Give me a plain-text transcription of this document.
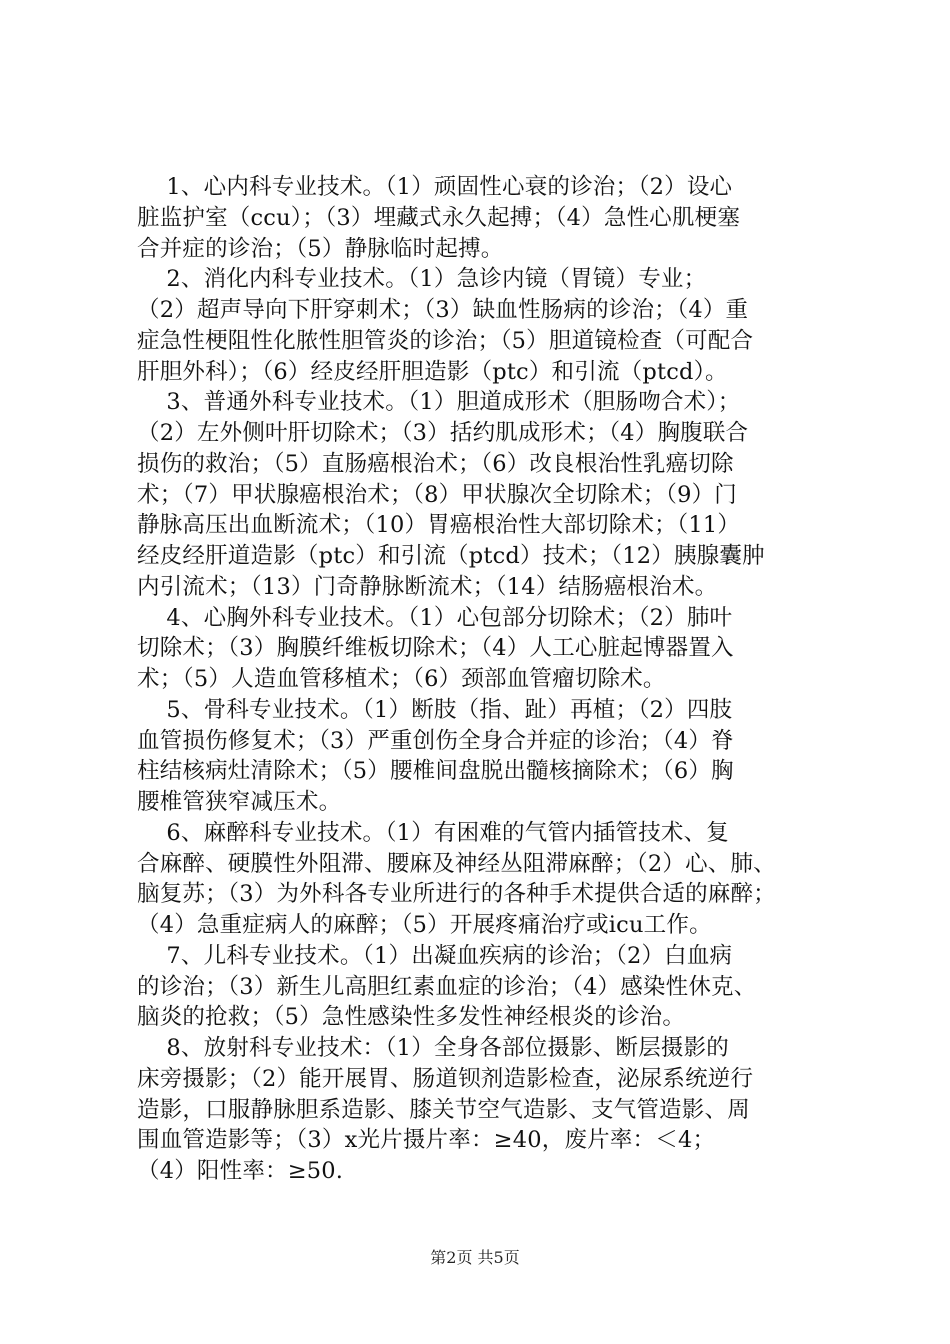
1、心内科专业技术。（1）顽固性心衰的诊治；（2）设心
脏监护室（ccu）；（3）埋藏式永久起搏；（4）急性心肌梗塞
合并症的诊治；（5）静脉临时起搏。
2、消化内科专业技术。（1）急诊内镜（胃镜）专业；
（2）超声导向下肝穿刺术；（3）缺血性肠病的诊治；（4）重
症急性梗阻性化脓性胆管炎的诊治；（5）胆道镜检查（可配合
肝胆外科）；（6）经皮经肝胆造影（ptc）和引流（ptcd）。
3、普通外科专业技术。（1）胆道成形术（胆肠吻合术）；
（2）左外侧叶肝切除术；（3）括约肌成形术；（4）胸腹联合
损伤的救治；（5）直肠癌根治术；（6）改良根治性乳癌切除
术；（7）甲状腺癌根治术；（8）甲状腺次全切除术；（9）门
静脉高压出血断流术；（10）胃癌根治性大部切除术；（11）
经皮经肝道造影（ptc）和引流（ptcd）技术；（12）胰腺囊肿
内引流术；（13）门奇静脉断流术；（14）结肠癌根治术。
4、心胸外科专业技术。（1）心包部分切除术；（2）肺叶
切除术；（3）胸膜纤维板切除术；（4）人工心脏起博器置入
术；（5）人造血管移植术；（6）颈部血管瘤切除术。
5、骨科专业技术。（1）断肢（指、趾）再植；（2）四肢
血管损伤修复术；（3）严重创伤全身合并症的诊治；（4）脊
柱结核病灶清除术；（5）腰椎间盘脱出髓核摘除术；（6）胸
腰椎管狭窄减压术。
6、麻醉科专业技术。（1）有困难的气管内插管技术、复
合麻醉、硬膜性外阻滞、腰麻及神经丛阻滞麻醉；（2）心、肺、
脑复苏；（3）为外科各专业所进行的各种手术提供合适的麻醉；
（4）急重症病人的麻醉；（5）开展疼痛治疗或icu工作。
7、儿科专业技术。（1）出凝血疾病的诊治；（2）白血病
的诊治；（3）新生儿高胆红素血症的诊治；（4）感染性休克、
脑炎的抢救；（5）急性感染性多发性神经根炎的诊治。
8、放射科专业技术：（1）全身各部位摄影、断层摄影的
床旁摄影；（2）能开展胃、肠道钡剂造影检查，泌尿系统逆行
造影，口服静脉胆系造影、膝关节空气造影、支气管造影、周
围血管造影等；（3）x光片摄片率：≥40，废片率：＜4；
（4）阳性率：≥50.
第2页 共5页
